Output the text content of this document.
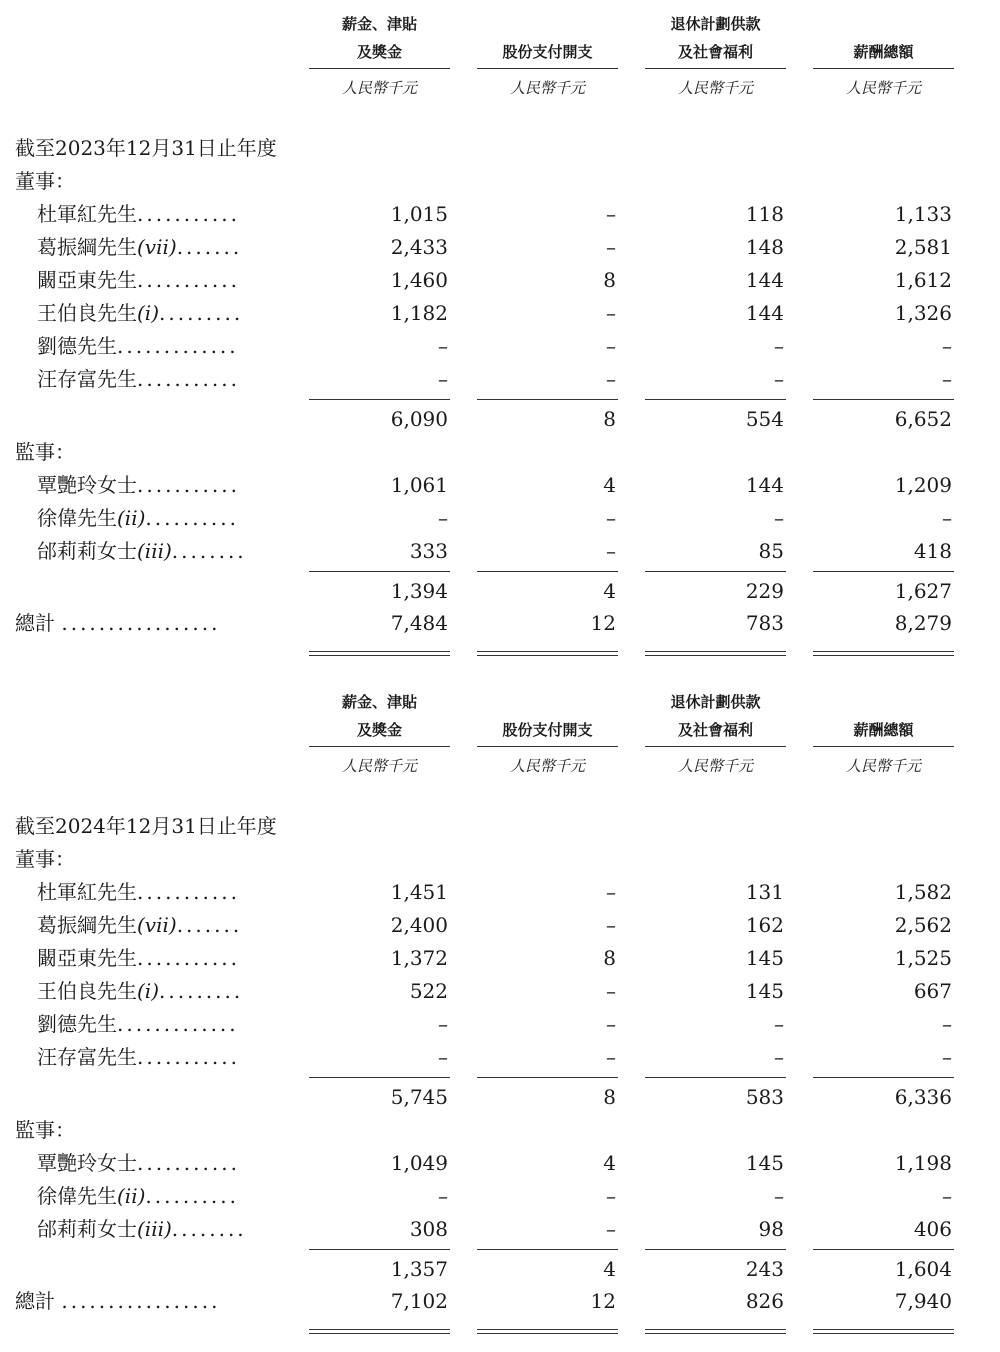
薪金、津貼
及獎金
人民幣千元
股份支付開支
人民幣千元
退休計劃供款
及社會福利
人民幣千元
薪酬總額
人民幣千元
截至2023年12月31日止年度
董事：
杜軍紅先生...........	1,015	–	118	1,133
葛振綱先生(vii).......	2,433	–	148	2,581
闞亞東先生...........	1,460	8	144	1,612
王伯良先生(i).........	1,182	–	144	1,326
劉德先生.............	–	–	–	–
汪存富先生...........	–	–	–	–
6,090	8	554	6,652
監事：
覃艷玲女士...........	1,061	4	144	1,209
徐偉先生(ii)..........	–	–	–	–
邰莉莉女士(iii)........	333	–	85	418
1,394	4	229	1,627
總計 .................	7,484	12	783	8,279
薪金、津貼
及獎金
人民幣千元
股份支付開支
人民幣千元
退休計劃供款
及社會福利
人民幣千元
薪酬總額
人民幣千元
截至2024年12月31日止年度
董事：
杜軍紅先生...........	1,451	–	131	1,582
葛振綱先生(vii).......	2,400	–	162	2,562
闞亞東先生...........	1,372	8	145	1,525
王伯良先生(i).........	522	–	145	667
劉德先生.............	–	–	–	–
汪存富先生...........	–	–	–	–
5,745	8	583	6,336
監事：
覃艷玲女士...........	1,049	4	145	1,198
徐偉先生(ii)..........	–	–	–	–
邰莉莉女士(iii)........	308	–	98	406
1,357	4	243	1,604
總計 .................	7,102	12	826	7,940
